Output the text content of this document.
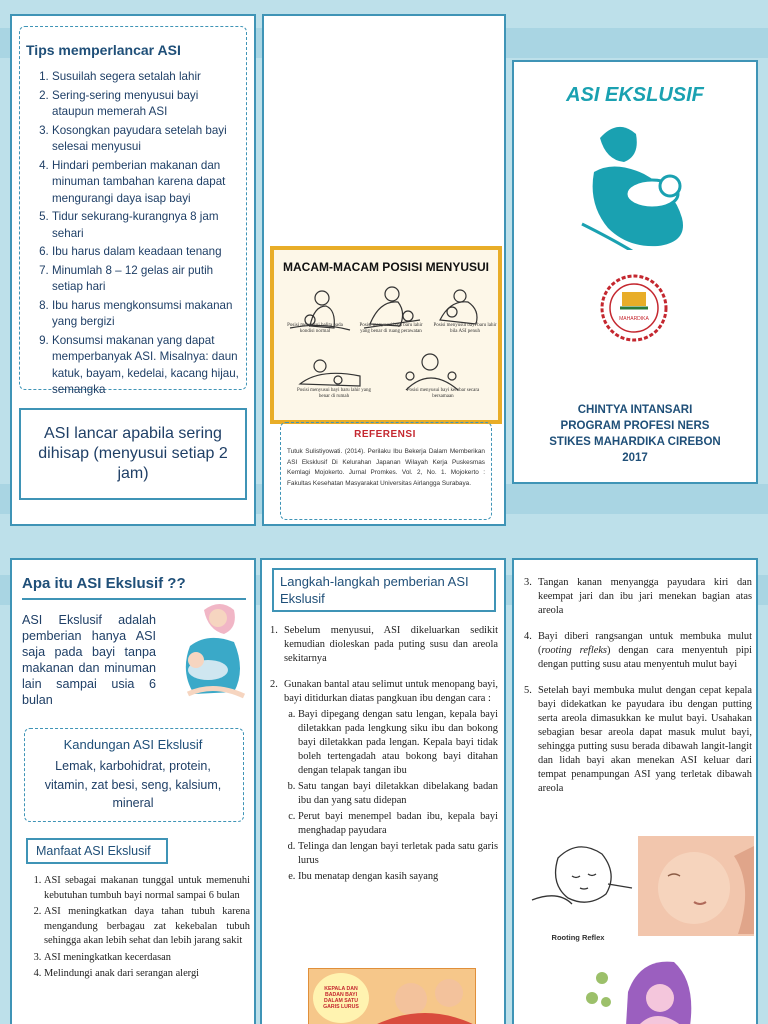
Tips memperlancar ASI
1. Susuilah segera setalah lahir
2. Sering-sering menyusui bayi ataupun memerah ASI
3. Kosongkan payudara setelah bayi selesai menyusui
4. Hindari pemberian makanan dan minuman tambahan karena dapat mengurangi daya isap bayi
5. Tidur sekurang-kurangnya 8 jam sehari
6. Ibu harus dalam keadaan tenang
7. Minumlah 8 – 12 gelas air putih setiap hari
8. Ibu harus mengkonsumsi makanan yang bergizi
9. Konsumsi makanan yang dapat memperbanyak ASI. Misalnya: daun katuk, bayam, kedelai, kacang hijau, semangka
ASI lancar apabila sering dihisap (menyusui setiap 2 jam)
MACAM-MACAM POSISI MENYUSUI
Posisi menyusui balita pada kondisi normal
Posisi menyusui bayi baru lahir yang benar di ruang perawatan
Posisi menyusui bayi baru lahir bila ASI penuh
Posisi menyusui bayi baru lahir yang benar di rumah
Posisi menyusui bayi kembar secara bersamaan
REFERENSI
Tutuk Sulistiyowati. (2014). Perilaku Ibu Bekerja Dalam Memberikan ASI Eksklusif Di Kelurahan Japanan Wilayah Kerja Puskesmas Kemlagi Mojokerto. Jurnal Promkes. Vol. 2, No. 1. Mojokerto : Fakultas Kesehatan Masyarakat Universitas Airlangga Surabaya.
ASI EKSLUSIF
MAHARDIKA
CHINTYA INTANSARI
PROGRAM PROFESI NERS
STIKES MAHARDIKA CIREBON
2017
Apa itu ASI Ekslusif ??
ASI Ekslusif adalah pemberian hanya ASI saja pada bayi tanpa makanan dan minuman lain sampai usia 6 bulan
Kandungan ASI Ekslusif
Lemak, karbohidrat, protein, vitamin, zat besi, seng, kalsium, mineral
Manfaat ASI Ekslusif
1. ASI sebagai makanan tunggal untuk memenuhi kebutuhan tumbuh bayi normal sampai 6 bulan
2. ASI meningkatkan daya tahan tubuh karena mengandung berbagau zat kekebalan tubuh sehingga akan lebih sehat dan lebih jarang sakit
3. ASI meningkatkan kecerdasan
4. Melindungi anak dari serangan alergi
Langkah-langkah pemberian ASI Ekslusif
1. Sebelum menyusui, ASI dikeluarkan sedikit kemudian dioleskan pada puting susu dan areola sekitarnya
2. Gunakan bantal atau selimut untuk menopang bayi, bayi ditidurkan diatas pangkuan ibu dengan cara :
a. Bayi dipegang dengan satu lengan, kepala bayi diletakkan pada lengkung siku ibu dan bokong bayi diletakkan pada lengan. Kepala bayi tidak boleh tertengadah atau bokong bayi ditahan dengan telapak tangan ibu
b. Satu tangan bayi diletakkan dibelakang badan ibu dan yang satu didepan
c. Perut bayi menempel badan ibu, kepala bayi menghadap payudara
d. Telinga dan lengan bayi terletak pada satu garis lurus
e. Ibu menatap dengan kasih sayang
KEPALA DAN BADAN BAYI DALAM SATU GARIS LURUS
3. Tangan kanan menyangga payudara kiri dan keempat jari dan ibu jari menekan bagian atas areola
4. Bayi diberi rangsangan untuk membuka mulut (rooting refleks) dengan cara menyentuh pipi dengan putting susu atau menyentuh mulut bayi
5. Setelah bayi membuka mulut dengan cepat kepala bayi didekatkan ke payudara ibu dengan putting serta areola dimasukkan ke mulut bayi. Usahakan sebagian besar areola dapat masuk mulut bayi, sehingga putting susu berada dibawah langit-langit dan lidah bayi akan menekan ASI keluar dari tempat penampungan ASI yang terletak dibawah areola
Rooting Reflex
